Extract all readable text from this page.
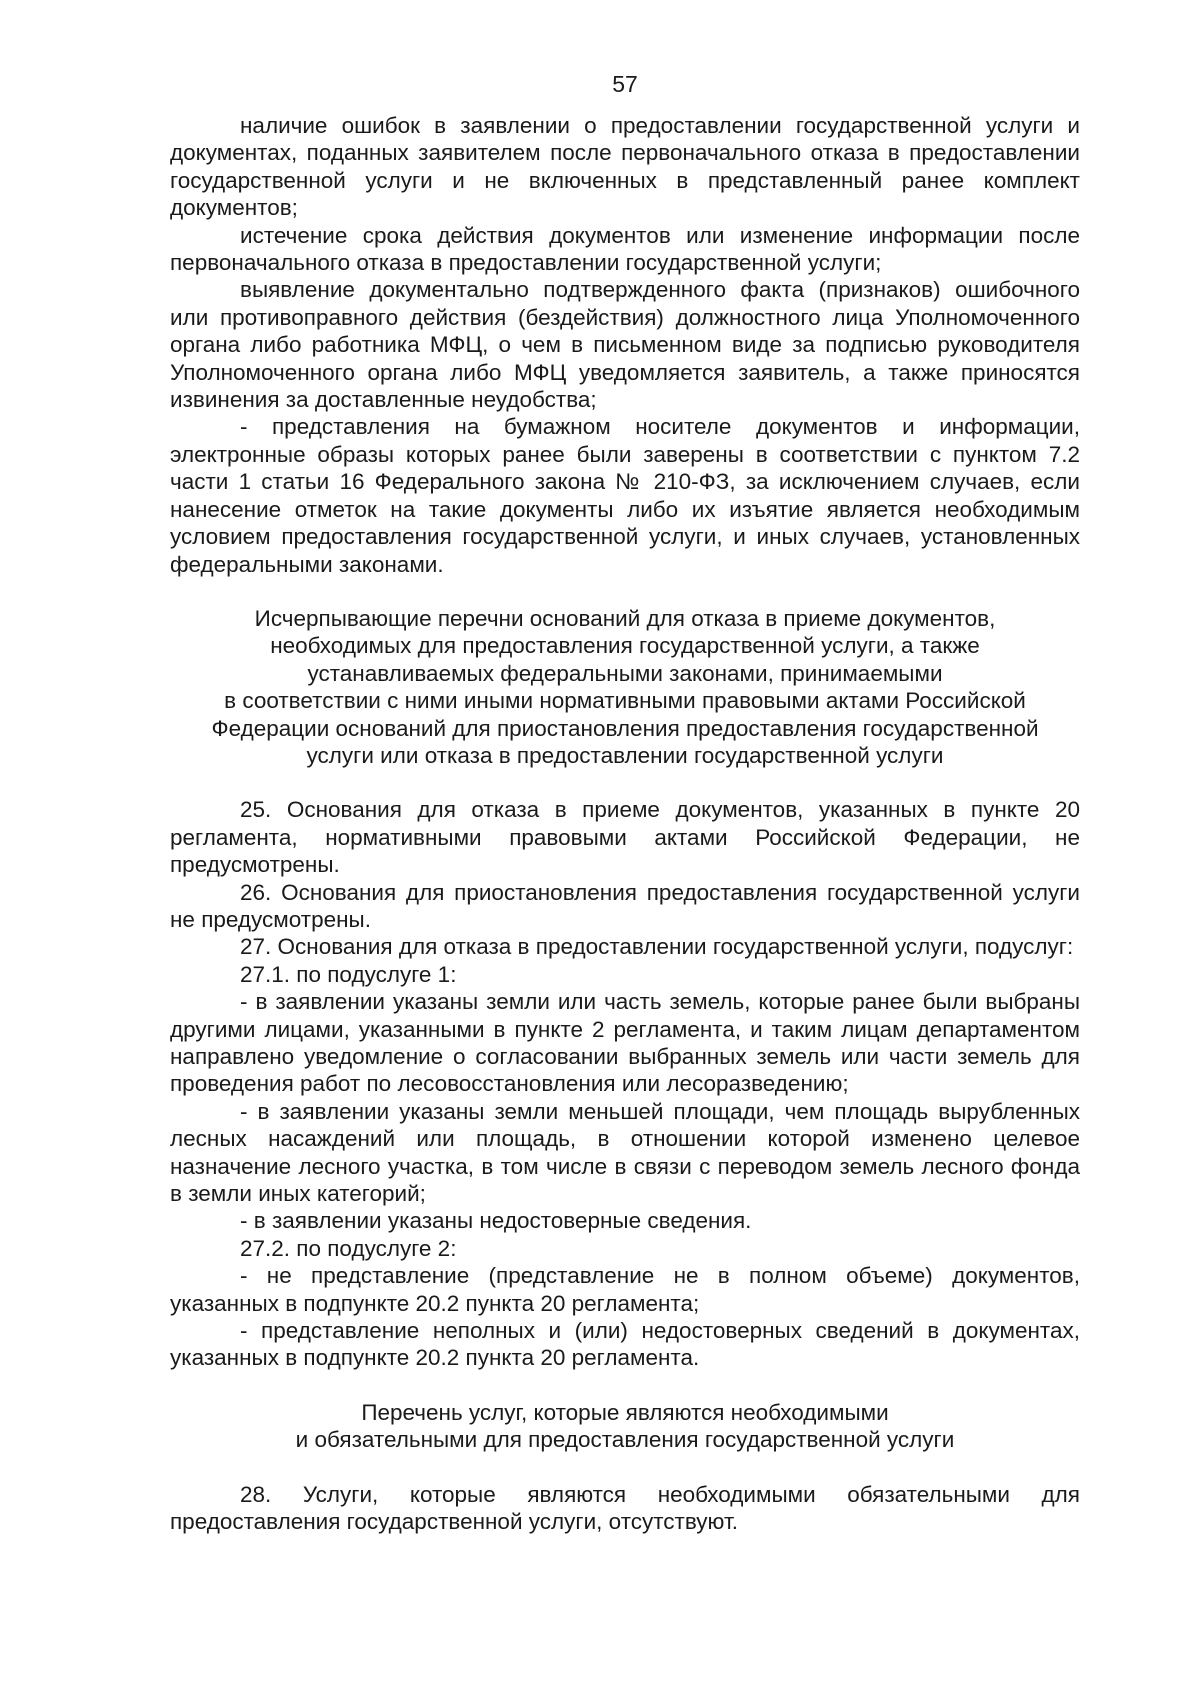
57

наличие ошибок в заявлении о предоставлении государственной услуги и документах, поданных заявителем после первоначального отказа в предоставлении государственной услуги и не включенных в представленный ранее комплект документов;

истечение срока действия документов или изменение информации после первоначального отказа в предоставлении государственной услуги;

выявление документально подтвержденного факта (признаков) ошибочного или противоправного действия (бездействия) должностного лица Уполномоченного органа либо работника МФЦ, о чем в письменном виде за подписью руководителя Уполномоченного органа либо МФЦ уведомляется заявитель, а также приносятся извинения за доставленные неудобства;

- представления на бумажном носителе документов и информации, электронные образы которых ранее были заверены в соответствии с пунктом 7.2 части 1 статьи 16 Федерального закона № 210-ФЗ, за исключением случаев, если нанесение отметок на такие документы либо их изъятие является необходимым условием предоставления государственной услуги, и иных случаев, установленных федеральными законами.

Исчерпывающие перечни оснований для отказа в приеме документов,
необходимых для предоставления государственной услуги, а также
устанавливаемых федеральными законами, принимаемыми
в соответствии с ними иными нормативными правовыми актами Российской
Федерации оснований для приостановления предоставления государственной
услуги или отказа в предоставлении государственной услуги

25. Основания для отказа в приеме документов, указанных в пункте 20 регламента, нормативными правовыми актами Российской Федерации, не предусмотрены.

26. Основания для приостановления предоставления государственной услуги не предусмотрены.

27. Основания для отказа в предоставлении государственной услуги, подуслуг:

27.1. по подуслуге 1:

- в заявлении указаны земли или часть земель, которые ранее были выбраны другими лицами, указанными в пункте 2 регламента, и таким лицам департаментом направлено уведомление о согласовании выбранных земель или части земель для проведения работ по лесовосстановления или лесоразведению;

- в заявлении указаны земли меньшей площади, чем площадь вырубленных лесных насаждений или площадь, в отношении которой изменено целевое назначение лесного участка, в том числе в связи с переводом земель лесного фонда в земли иных категорий;

- в заявлении указаны недостоверные сведения.

27.2. по подуслуге 2:

- не представление (представление не в полном объеме) документов, указанных в подпункте 20.2 пункта 20 регламента;

- представление неполных и (или) недостоверных сведений в документах, указанных в подпункте 20.2 пункта 20 регламента.

Перечень услуг, которые являются необходимыми
и обязательными для предоставления государственной услуги

28. Услуги, которые являются необходимыми обязательными для предоставления государственной услуги, отсутствуют.
